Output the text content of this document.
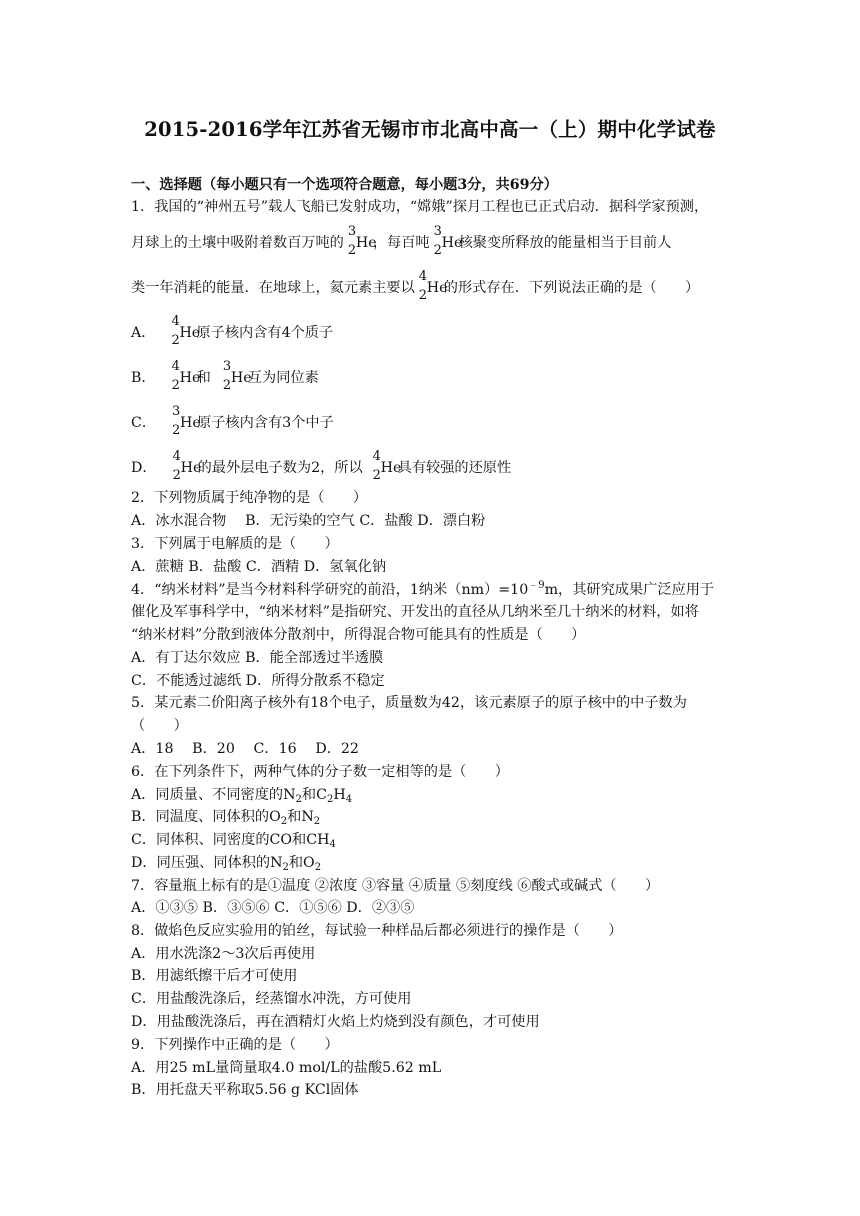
2015-2016学年江苏省无锡市市北高中高一（上）期中化学试卷
一、选择题（每小题只有一个选项符合题意，每小题3分，共69分）
1．我国的“神州五号”载人飞船已发射成功，“嫦娥”探月工程也已正式启动．据科学家预测，
月球上的土壤中吸附着数百万吨的
3
2 He
，每百吨
3
2 He
核聚变所释放的能量相当于目前人
类一年消耗的能量．在地球上，氦元素主要以
4
2 He
的形式存在．下列说法正确的是（　　）
A．
4
2 He
原子核内含有4个质子
B．
4
2 He
和
3
2 He
互为同位素
C．
3
2 He
原子核内含有3个中子
D．
4
2 He
的最外层电子数为2，所以
4
2 He
具有较强的还原性
2．下列物质属于纯净物的是（　　）
A．冰水混合物　 B．无污染的空气 C．盐酸 D．漂白粉
3．下列属于电解质的是（　　）
A．蔗糖 B．盐酸 C．酒精 D．氢氧化钠
4．“纳米材料”是当今材料科学研究的前沿，1纳米$(nm)=10^{﹣9}m$，其研究成果广泛应用于
催化及军事科学中，“纳米材料”是指研究、开发出的直径从几纳米至几十纳米的材料，如将
“纳米材料”分散到液体分散剂中，所得混合物可能具有的性质是（　　）
A．有丁达尔效应 B．能全部透过半透膜
C．不能透过滤纸 D．所得分散系不稳定
5．某元素二价阳离子核外有18个电子，质量数为42，该元素原子的原子核中的中子数为
（　　）
A．18　 B．20　 C．16　 D．22
6．在下列条件下，两种气体的分子数一定相等的是（　　）
A．同质量、不同密度的$N_2$和$C_2H_4$
B．同温度、同体积的$O_2$和$N_2$
C．同体积、同密度的CO和$CH_4$
D．同压强、同体积的$N_2$和$O_2$
7．容量瓶上标有的是①温度 ②浓度 ③容量 ④质量 ⑤刻度线 ⑥酸式或碱式（　　）
A．①③⑤ B．③⑤⑥ C．①⑤⑥ D．②③⑤
8．做焰色反应实验用的铂丝，每试验一种样品后都必须进行的操作是（　　）
A．用水洗涤2～3次后再使用
B．用滤纸擦干后才可使用
C．用盐酸洗涤后，经蒸馏水冲洗，方可使用
D．用盐酸洗涤后，再在酒精灯火焰上灼烧到没有颜色，才可使用
9．下列操作中正确的是（　　）
A．用25 mL量筒量取4.0 mol/L的盐酸5.62 mL
B．用托盘天平称取5.56 g KCl固体
